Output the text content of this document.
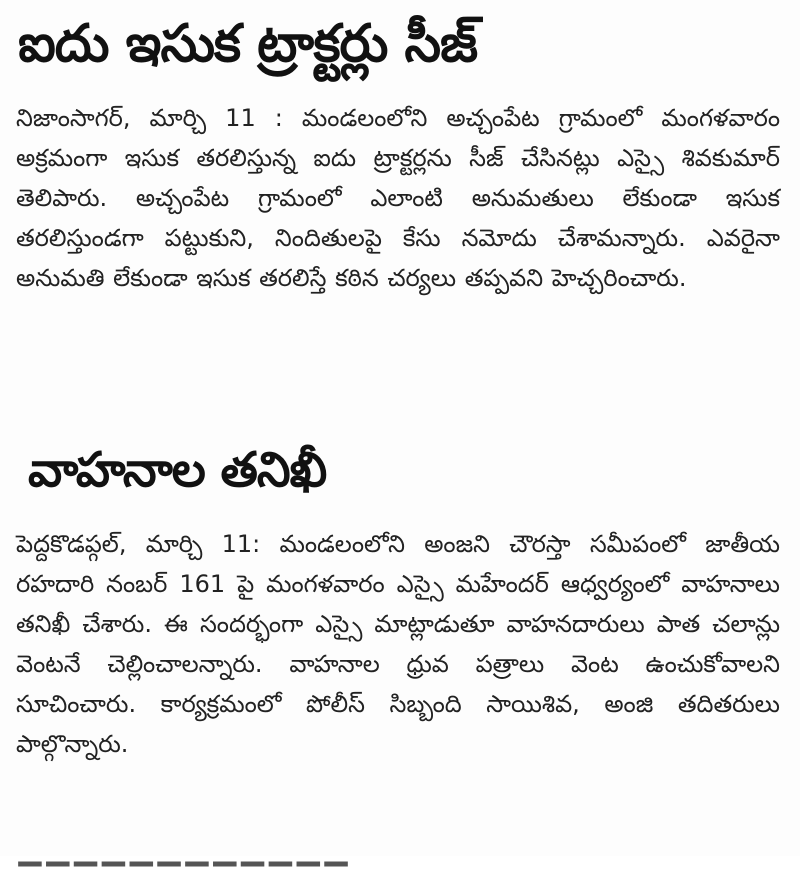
ఐదు ఇసుక ట్రాక్టర్లు సీజ్

నిజాంసాగర్, మార్చి 11 : మండలంలోని అచ్చంపేట గ్రామంలో మంగళవారం అక్రమంగా ఇసుక తరలిస్తున్న ఐదు ట్రాక్టర్లను సీజ్ చేసినట్లు ఎస్సై శివకుమార్ తెలిపారు. అచ్చంపేట గ్రామంలో ఎలాంటి అనుమతులు లేకుండా ఇసుక తరలిస్తుండగా పట్టుకుని, నిందితులపై కేసు నమోదు చేశామన్నారు. ఎవరైనా అనుమతి లేకుండా ఇసుక తరలిస్తే కఠిన చర్యలు తప్పవని హెచ్చరించారు.

వాహనాల తనిఖీ

పెద్దకొడప్గల్, మార్చి 11: మండలంలోని అంజని చౌరస్తా సమీపంలో జాతీయ రహదారి నంబర్ 161 పై మంగళవారం ఎస్సై మహేందర్ ఆధ్వర్యంలో వాహనాలు తనిఖీ చేశారు. ఈ సందర్భంగా ఎస్సై మాట్లాడుతూ వాహనదారులు పాత చలాన్లు వెంటనే చెల్లించాలన్నారు. వాహనాల ధ్రువ పత్రాలు వెంట ఉంచుకోవాలని సూచించారు. కార్యక్రమంలో పోలీస్ సిబ్బంది సాయిశివ, అంజి తదితరులు పాల్గొన్నారు.

‒‒‒‒‒‒‒‒‒‒‒‒
